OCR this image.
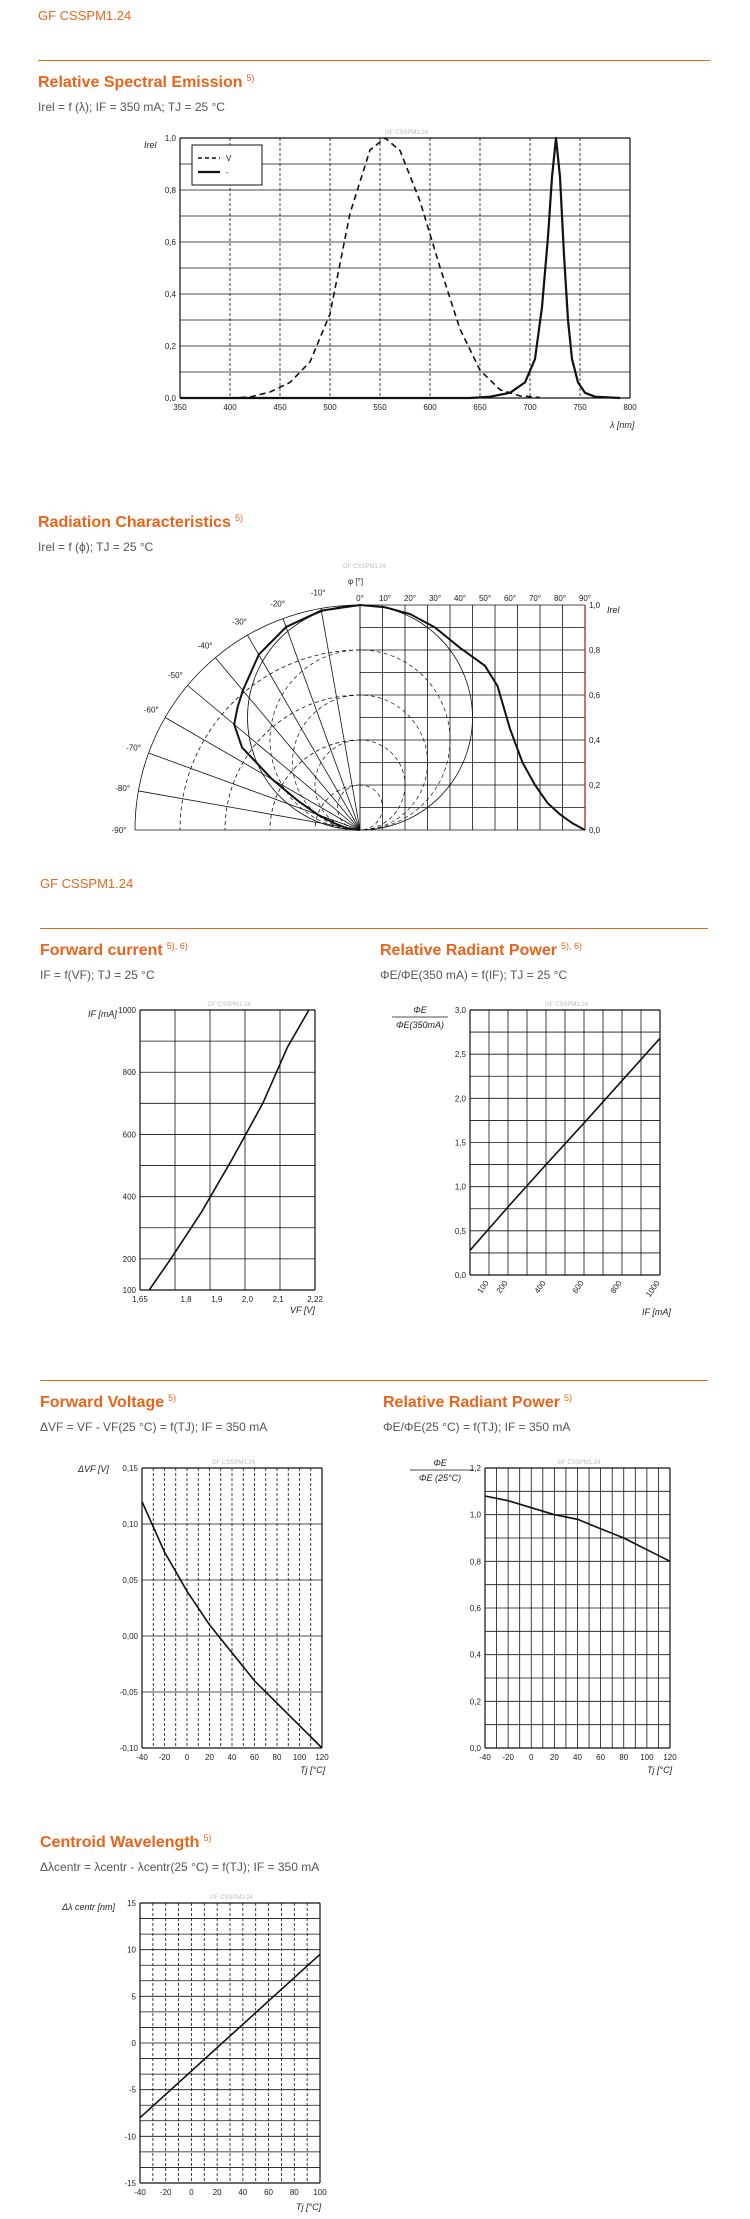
GF CSSPM1.24
Relative Spectral Emission $^{5)}$
Irel = f (λ); IF = 350 mA; TJ = 25 °C
GF CSSPM1.24
350	400	450	500	550	600	650	700	750	800
0,0
0,2
0,4
0,6
0,8
1,0
Irel
λ [nm]
V
-
Radiation Characteristics $^{5)}$
Irel = f (ϕ); TJ = 25 °C
GF CSSPM1.24
φ [°]
0,0
0,2
0,4
0,6
0,8
1,0 Irel
0° 10° 20° 30° 40° 50° 60° 70° 80° 90°
-10°
-20°
-30°
-40°
-50°
-60°
-70°
-80°
-90°
GF CSSPM1.24
Forward current $^{5), 6)}$
IF = f(VF); TJ = 25 °C
GF CSSPM1.24
1,65	1,8 1,9 2,0 2,1	2,22
100
200
400
600
800
1000
IF [mA]
VF [V]
Relative Radiant Power $^{5), 6)}$
ΦE/ΦE(350 mA) = f(IF); TJ = 25 °C
GF CSSPM1.24
100 200	400	600	800	1000
0,0
0,5
1,0
1,5
2,0
2,5
3,0
ΦE
ΦE(350mA)
IF [mA]
Forward Voltage $^{5)}$
ΔVF = VF - VF(25 °C) = f(TJ); IF = 350 mA
GF CSSPM1.24
-40 -20 0 20 40 60 80 100 120
-0,10
-0,05
0,00
0,05
0,10
0,15
ΔVF [V]
Tj [°C]
Relative Radiant Power $^{5)}$
ΦE/ΦE(25 °C) = f(TJ); IF = 350 mA
GF CSSPM1.24
-40 -20 0 20 40 60 80 100 120
0,0
0,2
0,4
0,6
0,8
1,0
1,2
ΦE
ΦE (25°C)
Tj [°C]
Centroid Wavelength $^{5)}$
Δλcentr = λcentr - λcentr(25 °C) = f(TJ); IF = 350 mA
GF CSSPM1.24
-40 -20 0 20 40 60 80 100
-15
-10
-5
0
5
10
15
Δλ centr [nm]
Tj [°C]
